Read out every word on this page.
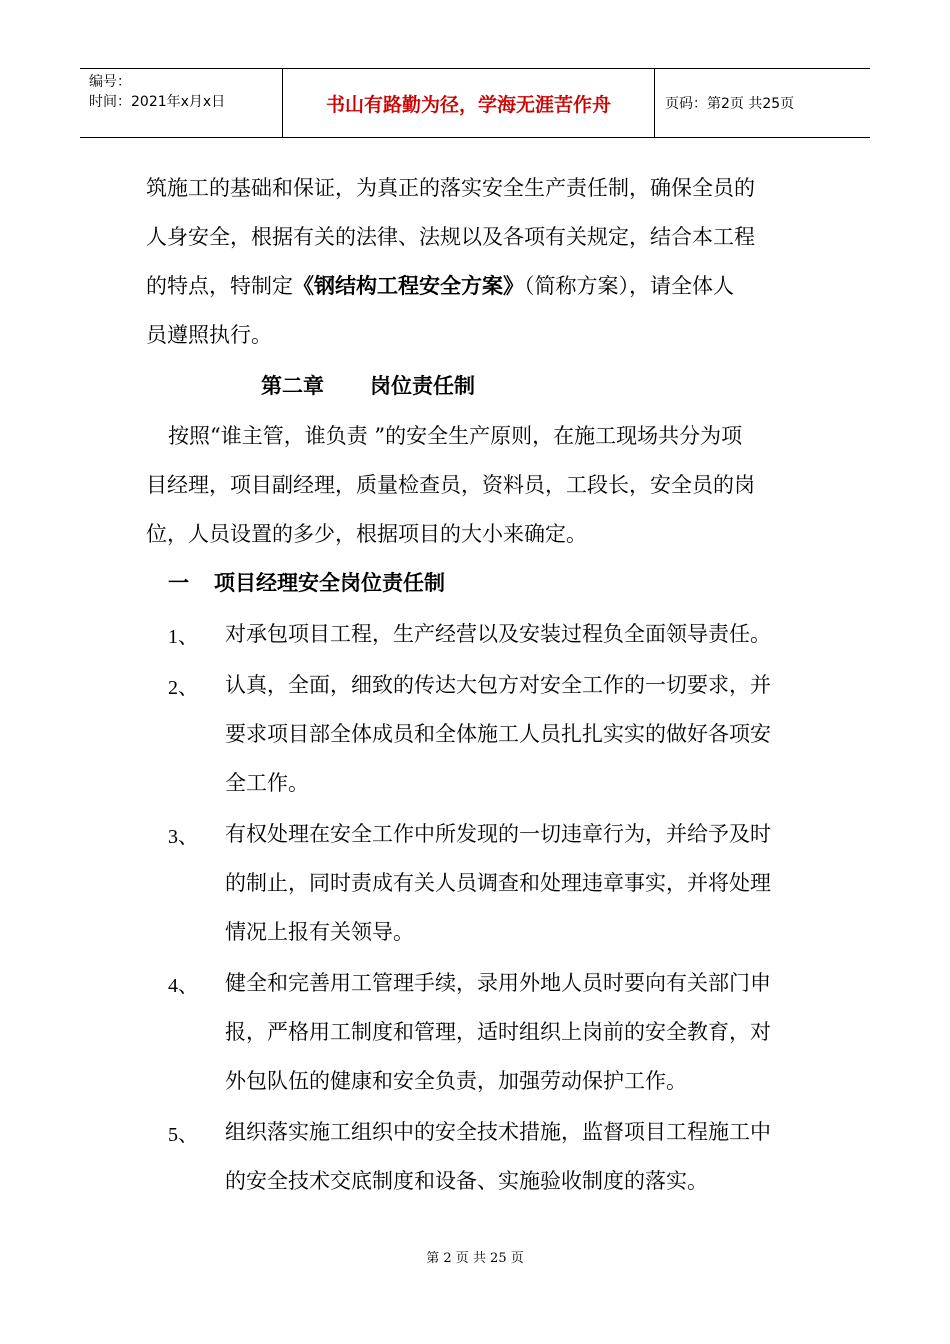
编号：
时间：2021年x月x日	书山有路勤为径，学海无涯苦作舟	页码：第2页 共25页
筑施工的基础和保证，为真正的落实安全生产责任制，确保全员的
人身安全，根据有关的法律、法规以及各项有关规定，结合本工程
的特点，特制定《钢结构工程安全方案》（简称方案），请全体人
员遵照执行。
第二章 岗位责任制
按照“谁主管，谁负责 ”的安全生产原则，在施工现场共分为项
目经理，项目副经理，质量检查员，资料员，工段长，安全员的岗
位，人员设置的多少，根据项目的大小来确定。
一 项目经理安全岗位责任制
1、 对承包项目工程，生产经营以及安装过程负全面领导责任。
2、 认真，全面，细致的传达大包方对安全工作的一切要求，并
要求项目部全体成员和全体施工人员扎扎实实的做好各项安
全工作。
3、 有权处理在安全工作中所发现的一切违章行为，并给予及时
的制止，同时责成有关人员调查和处理违章事实，并将处理
情况上报有关领导。
4、 健全和完善用工管理手续，录用外地人员时要向有关部门申
报，严格用工制度和管理，适时组织上岗前的安全教育，对
外包队伍的健康和安全负责，加强劳动保护工作。
5、 组织落实施工组织中的安全技术措施，监督项目工程施工中
的安全技术交底制度和设备、实施验收制度的落实。
第 2 页 共 25 页
